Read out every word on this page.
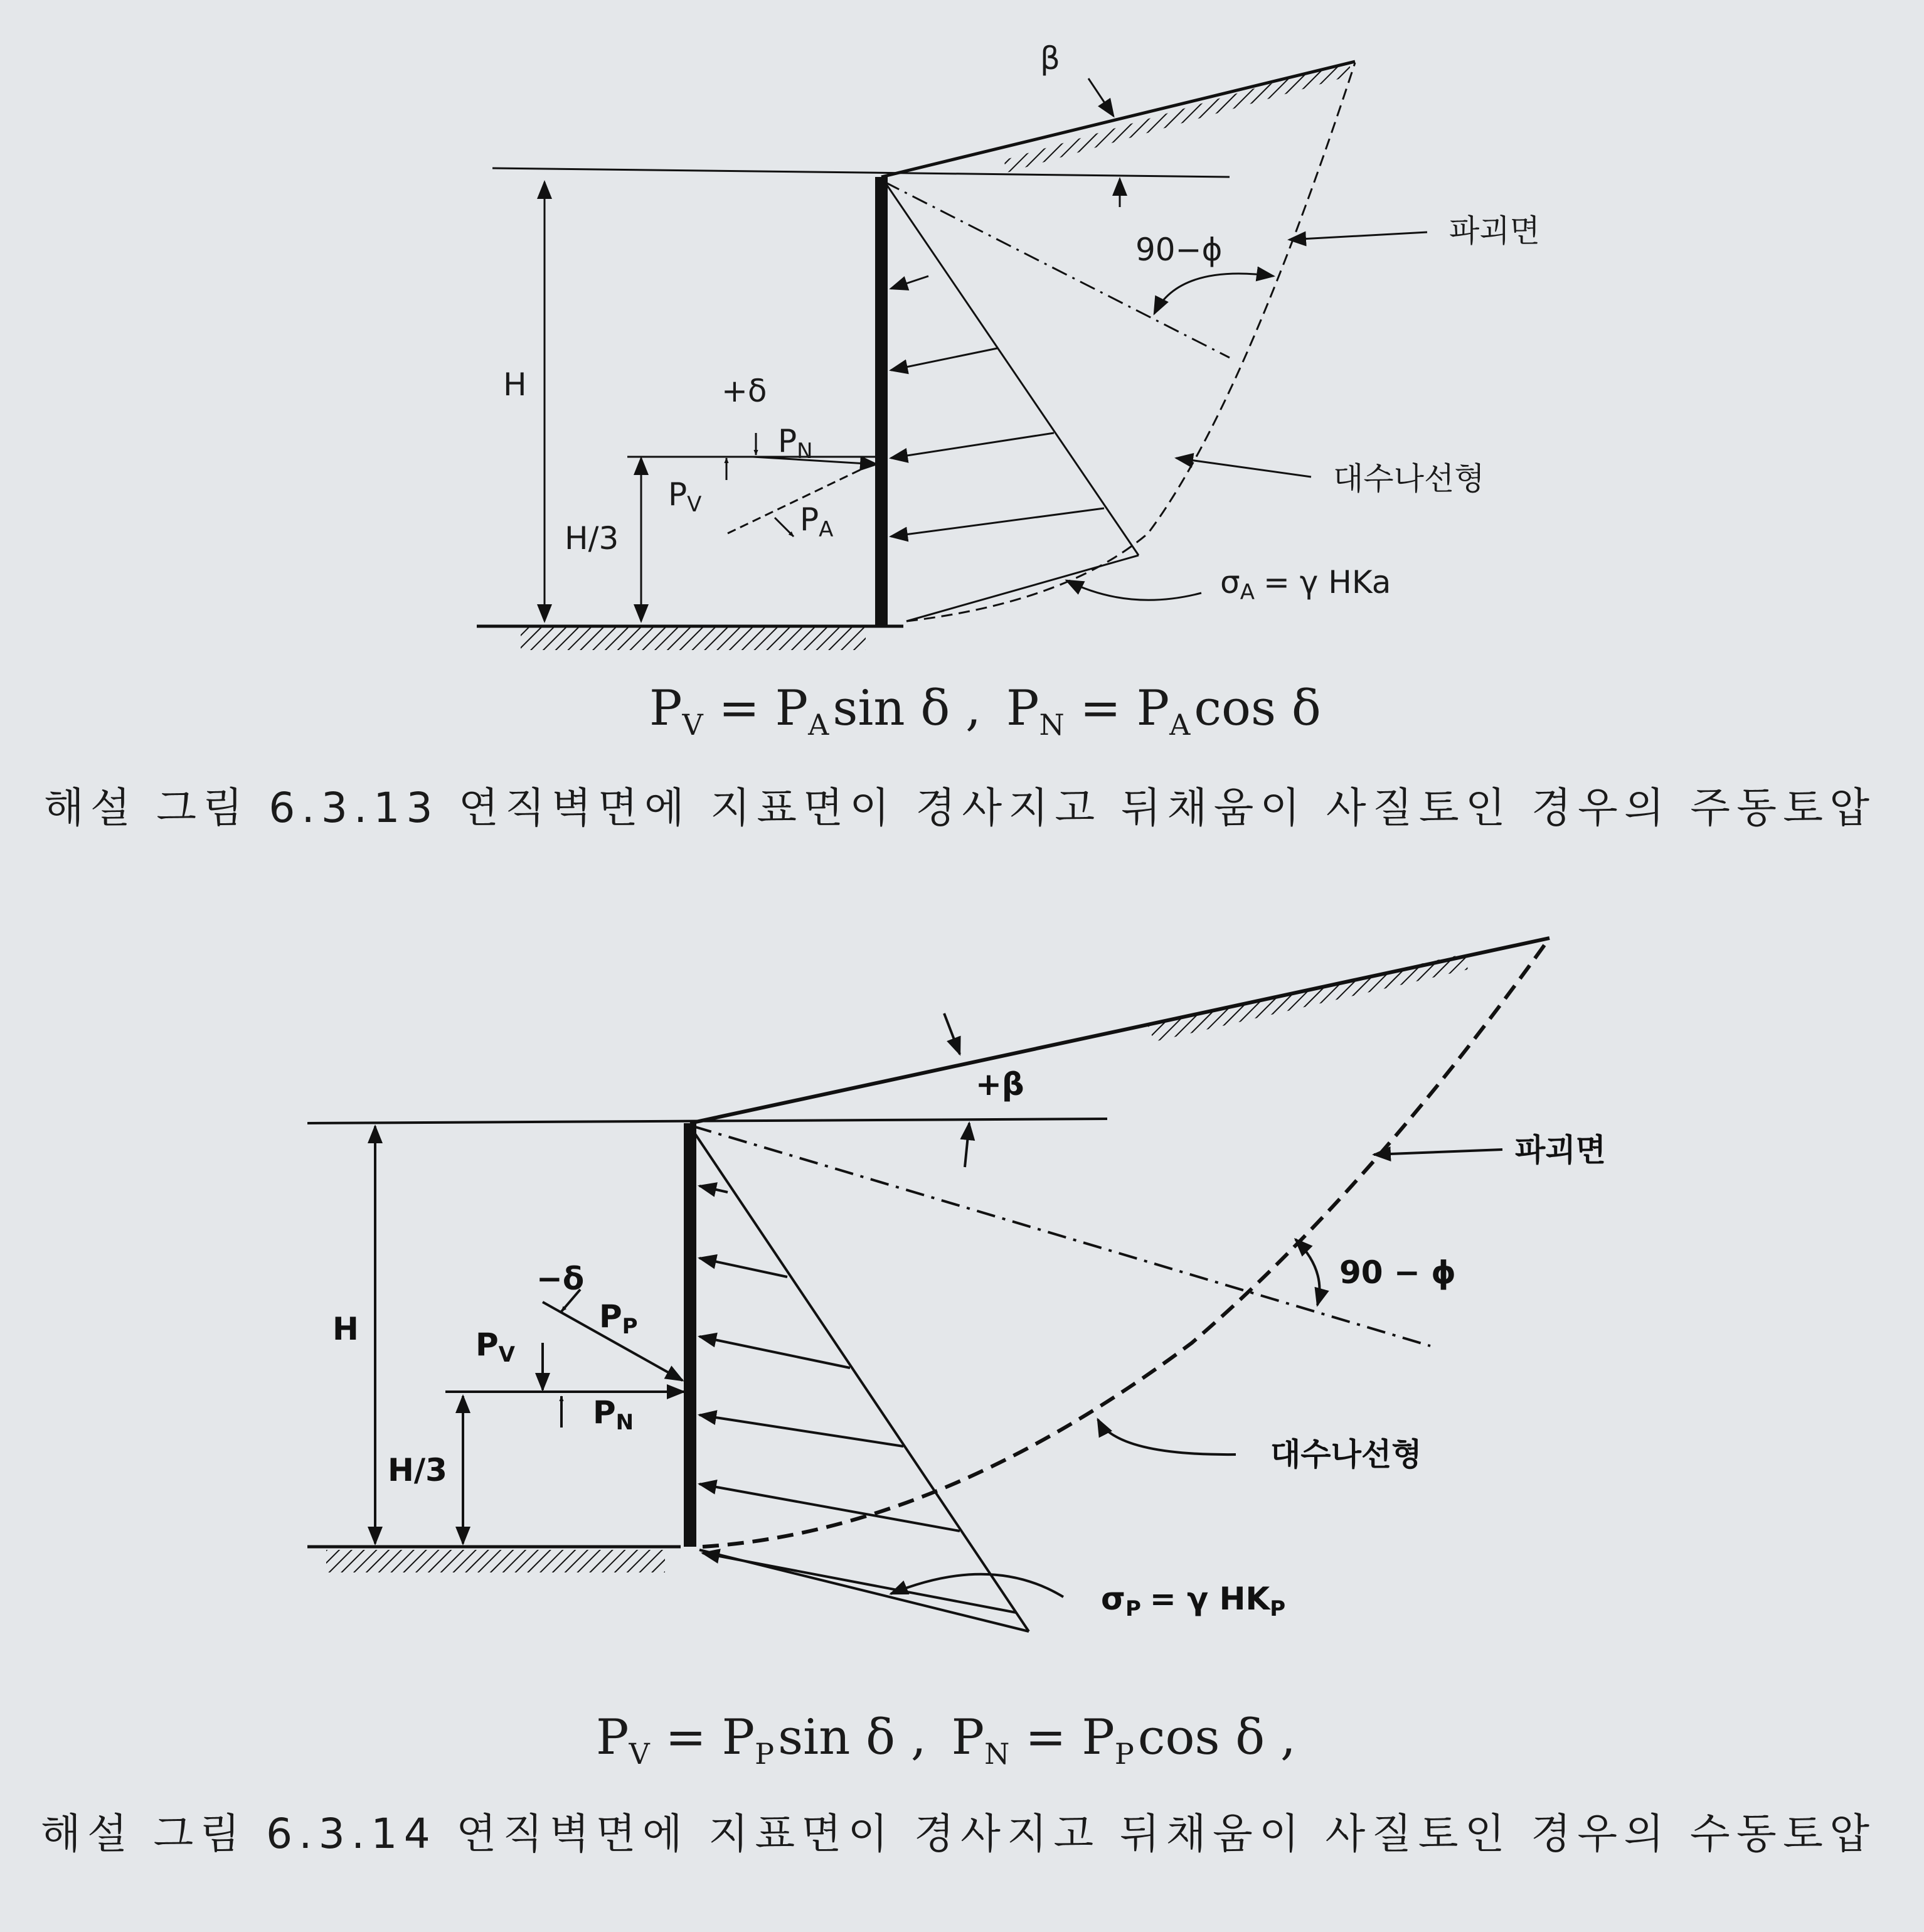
β
90−ϕ
파괴면
대수나선형
H
H/3
+δ
$P_N$
$P_V$	$P_A$
$\sigma_A = \gamma$ HKa
$P_V = P_A\sin$ δ , $P_N = P_A\cos$ δ
해설 그림 6.3.13 연직벽면에 지표면이 경사지고 뒤채움이 사질토인 경우의 주동토압
+β
90 − ϕ
파괴면
대수나선형
H
H/3
−δ
$P_P$
$P_V$
$P_N$
$\sigma_P = \gamma$ $HK_P$
$P_V = P_P\sin$ δ , $P_N = P_P\cos$ δ ,
해설 그림 6.3.14 연직벽면에 지표면이 경사지고 뒤채움이 사질토인 경우의 수동토압
